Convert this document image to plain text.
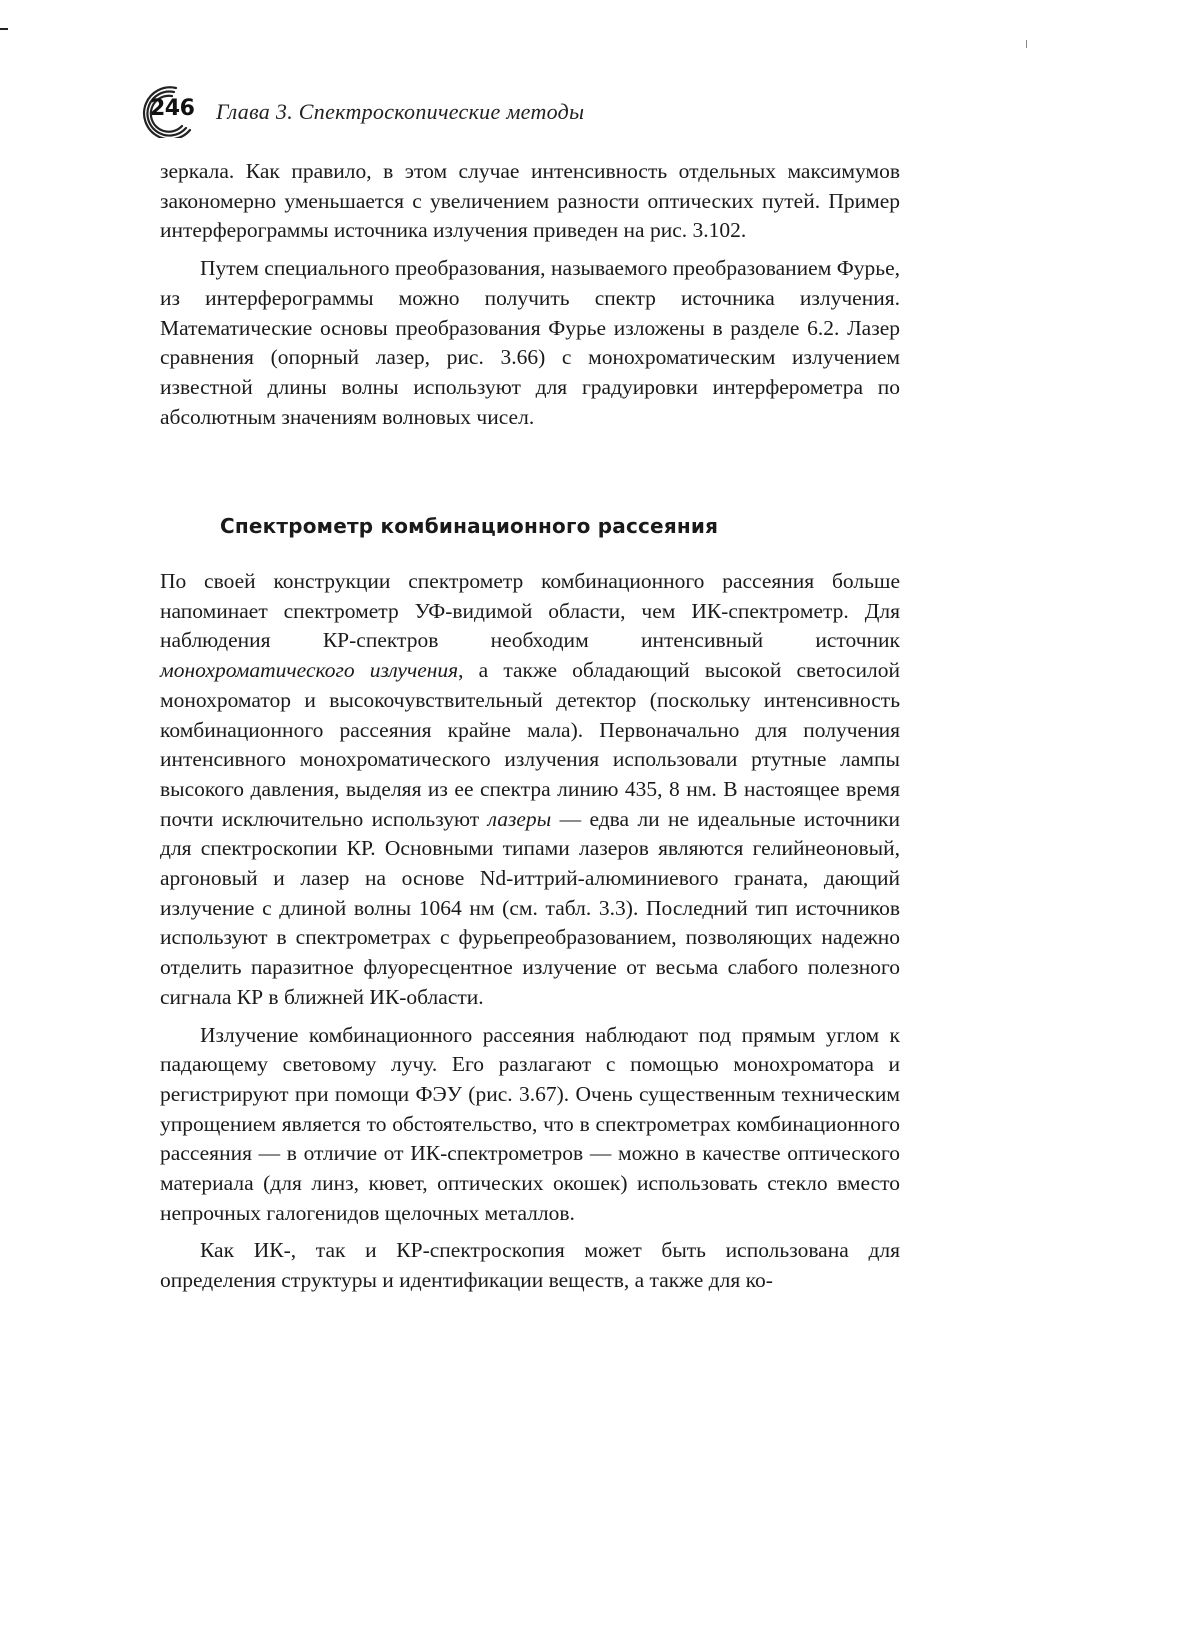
246 Глава 3. Спектроскопические методы

зеркала. Как правило, в этом случае интенсивность отдельных максимумов закономерно уменьшается с увеличением разности оптических путей. Пример интерферограммы источника излучения приведен на рис. 3.102.

Путем специального преобразования, называемого преобразованием Фурье, из интерферограммы можно получить спектр источника излучения. Математические основы преобразования Фурье изложены в разделе 6.2. Лазер сравнения (опорный лазер, рис. 3.66) с монохроматическим излучением известной длины волны используют для градуировки интерферометра по абсолютным значениям волновых чисел.

Спектрометр комбинационного рассеяния

По своей конструкции спектрометр комбинационного рассеяния больше напоминает спектрометр УФ-видимой области, чем ИК-спектрометр. Для наблюдения КР-спектров необходим интенсивный источник монохроматического излучения, а также обладающий высокой светосилой монохроматор и высокочувствительный детектор (поскольку интенсивность комбинационного рассеяния крайне мала). Первоначально для получения интенсивного монохроматического излучения использовали ртутные лампы высокого давления, выделяя из ее спектра линию 435, 8 нм. В настоящее время почти исключительно используют лазеры — едва ли не идеальные источники для спектроскопии КР. Основными типами лазеров являются гелийнеоновый, аргоновый и лазер на основе Nd-иттрий-алюминиевого граната, дающий излучение с длиной волны 1064 нм (см. табл. 3.3). Последний тип источников используют в спектрометрах с фурьепреобразованием, позволяющих надежно отделить паразитное флуоресцентное излучение от весьма слабого полезного сигнала КР в ближней ИК-области.

Излучение комбинационного рассеяния наблюдают под прямым углом к падающему световому лучу. Его разлагают с помощью монохроматора и регистрируют при помощи ФЭУ (рис. 3.67). Очень существенным техническим упрощением является то обстоятельство, что в спектрометрах комбинационного рассеяния — в отличие от ИК-спектрометров — можно в качестве оптического материала (для линз, кювет, оптических окошек) использовать стекло вместо непрочных галогенидов щелочных металлов.

Как ИК-, так и КР-спектроскопия может быть использована для определения структуры и идентификации веществ, а также для ко-
